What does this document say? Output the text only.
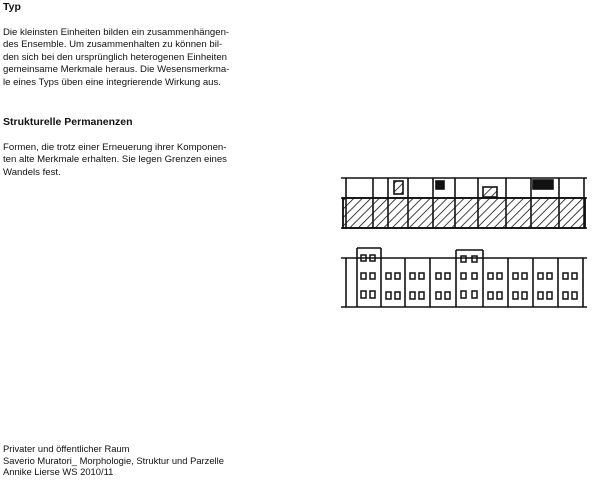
Typ

Die kleinsten Einheiten bilden ein zusammenhängen-
des Ensemble. Um zusammenhalten zu können bil-
den sich bei den ursprünglich heterogenen Einheiten
gemeinsame Merkmale heraus. Die Wesensmerkma-
le eines Typs üben eine integrierende Wirkung aus.

Strukturelle Permanenzen

Formen, die trotz einer Erneuerung ihrer Komponen-
ten alte Merkmale erhalten. Sie legen Grenzen eines
Wandels fest.

Privater und öffentlicher Raum
Saverio Muratori_ Morphologie, Struktur und Parzelle
Annike Lierse WS 2010/11
